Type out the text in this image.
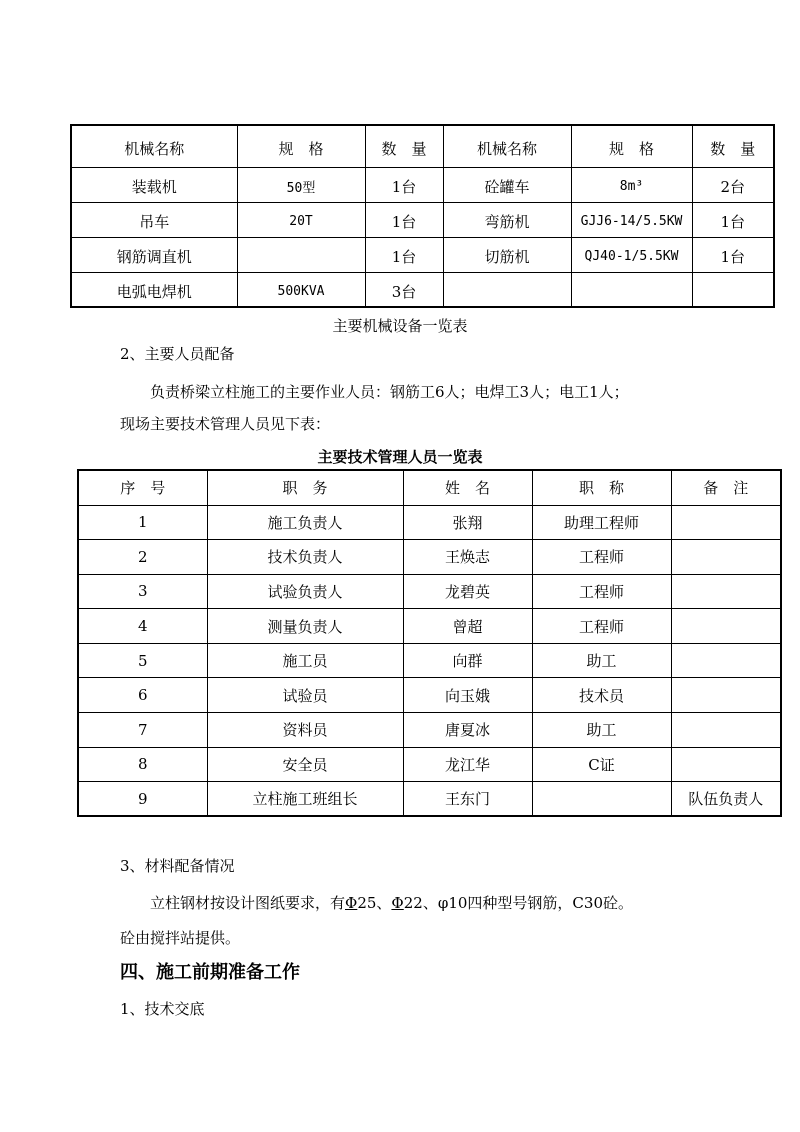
机械名称	规　格	数　量	机械名称	规　格	数　量
装载机	50型	1台	砼罐车	8m³	2台
吊车	20T	1台	弯筋机	GJJ6-14/5.5KW	1台
钢筋调直机		1台	切筋机	QJ40-1/5.5KW	1台
电弧电焊机	500KVA	3台			
主要机械设备一览表
2、主要人员配备
负责桥梁立柱施工的主要作业人员：钢筋工6人；电焊工3人；电工1人；
现场主要技术管理人员见下表：
主要技术管理人员一览表
序　号	职　务	姓　名	职　称	备　注
1	施工负责人	张翔	助理工程师	
2	技术负责人	王焕志	工程师	
3	试验负责人	龙碧英	工程师	
4	测量负责人	曾超	工程师	
5	施工员	向群	助工	
6	试验员	向玉娥	技术员	
7	资料员	唐夏冰	助工	
8	安全员	龙江华	C证	
9	立柱施工班组长	王东门		队伍负责人
3、材料配备情况
立柱钢材按设计图纸要求，有Φ25、Φ22、φ10四种型号钢筋，C30砼。
砼由搅拌站提供。
四、施工前期准备工作
1、技术交底
